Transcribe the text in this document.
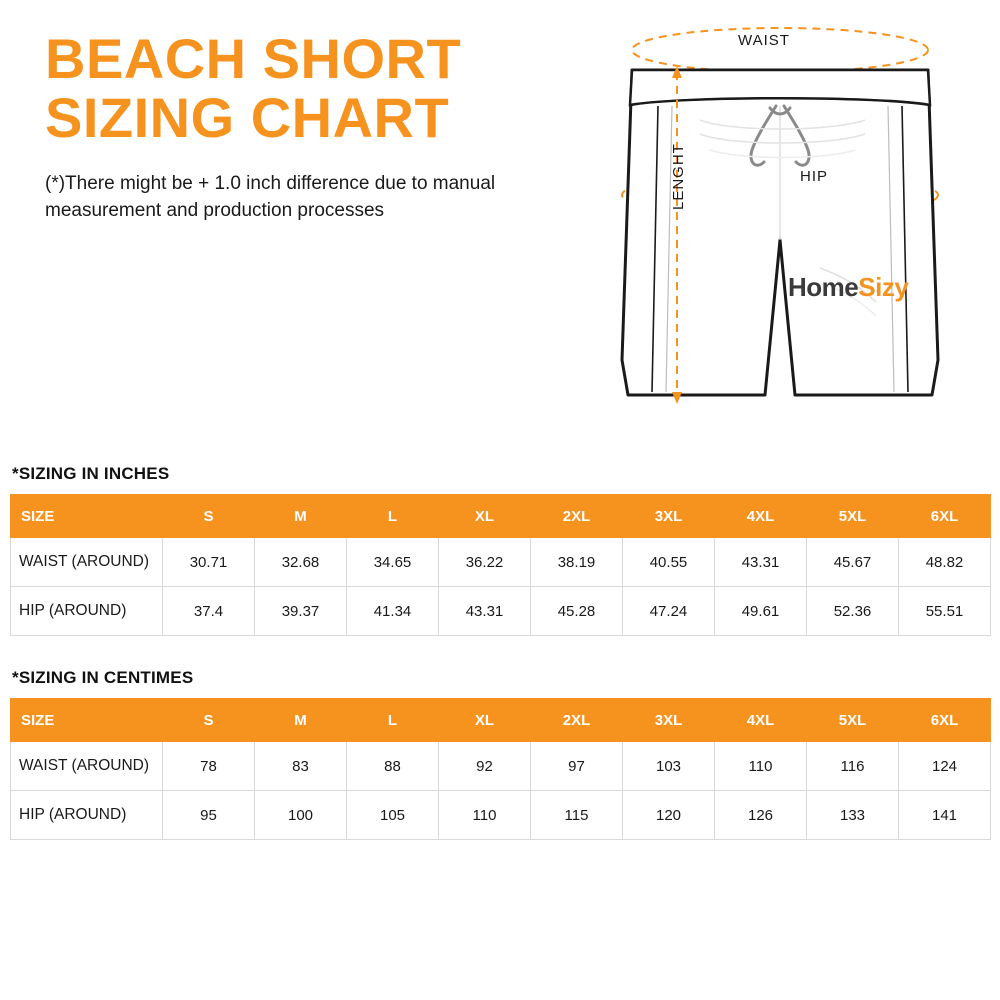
BEACH SHORT
SIZING CHART
(*)There might be + 1.0 inch difference due to manual measurement and production processes
WAIST
HIP
LENGHT
HomeSizy
*SIZING IN INCHES
SIZE	S	M	L	XL	2XL	3XL	4XL	5XL	6XL
WAIST (AROUND)	30.71	32.68	34.65	36.22	38.19	40.55	43.31	45.67	48.82
HIP (AROUND)	37.4	39.37	41.34	43.31	45.28	47.24	49.61	52.36	55.51
*SIZING IN CENTIMES
SIZE	S	M	L	XL	2XL	3XL	4XL	5XL	6XL
WAIST (AROUND)	78	83	88	92	97	103	110	116	124
HIP (AROUND)	95	100	105	110	115	120	126	133	141
